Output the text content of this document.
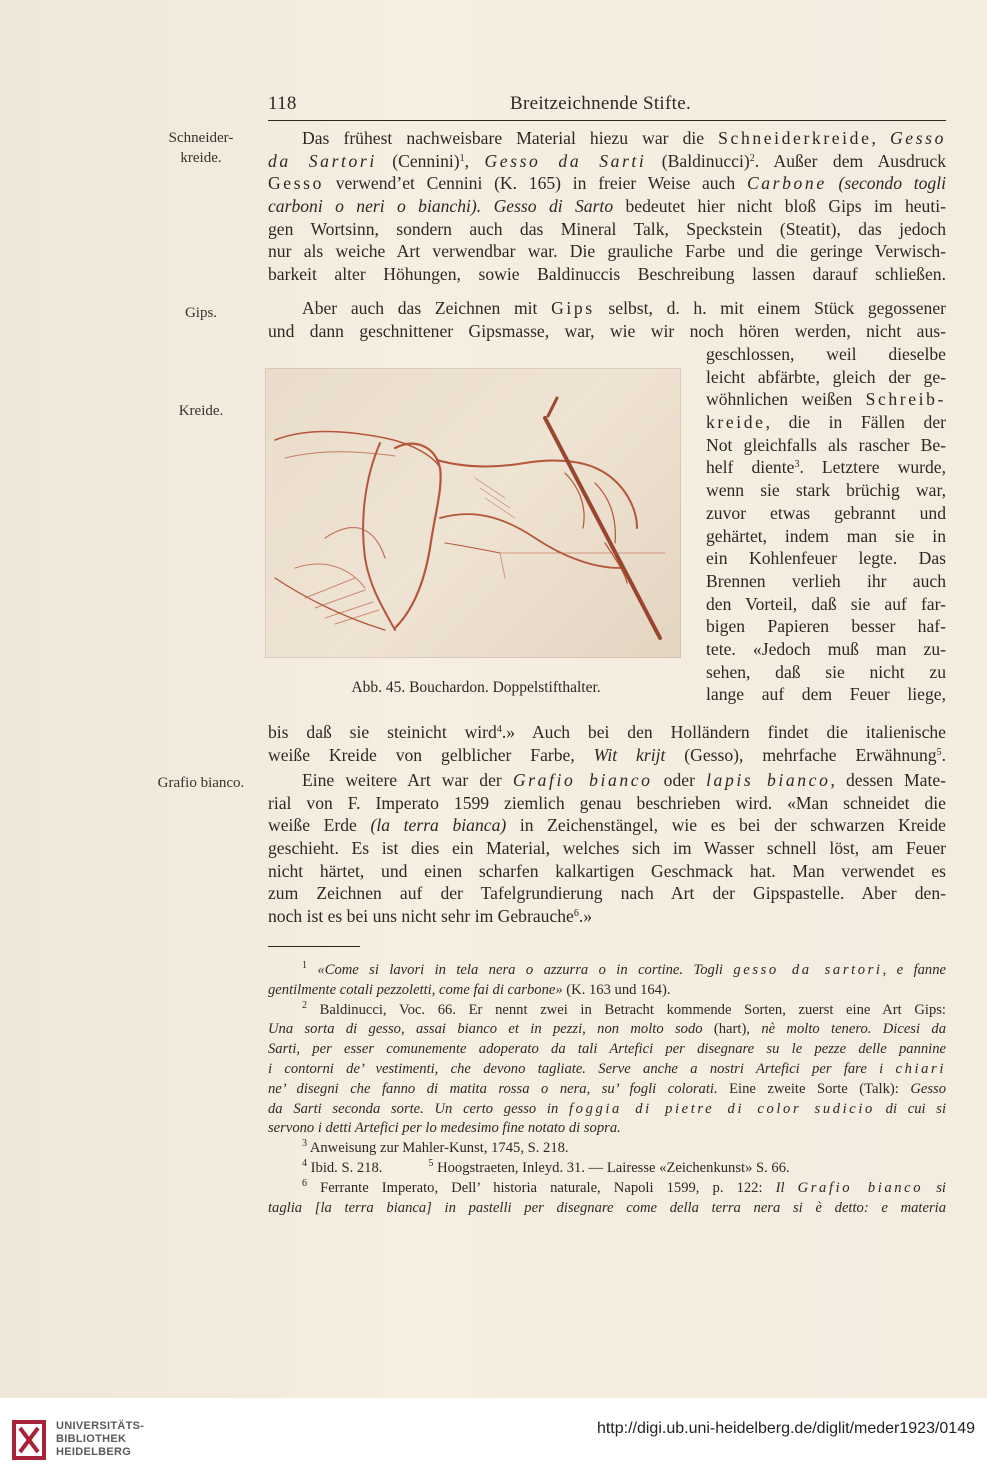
118	Breitzeichnende Stifte.
Schneider- kreide.
Gips.
Kreide.
Grafio bianco.
Das frühest nachweisbare Material hiezu war die Schneiderkreide, Gesso
da Sartori (Cennini)$^1$, Gesso da Sarti (Baldinucci)$^2$. Außer dem Ausdruck
Gesso verwend’et Cennini (K. 165) in freier Weise auch Carbone (secondo togli
carboni o neri o bianchi). Gesso di Sarto bedeutet hier nicht bloß Gips im heuti-
gen Wortsinn, sondern auch das Mineral Talk, Speckstein (Steatit), das jedoch
nur als weiche Art verwendbar war. Die grauliche Farbe und die geringe Verwisch-
barkeit alter Höhungen, sowie Baldinuccis Beschreibung lassen darauf schließen.
Aber auch das Zeichnen mit Gips selbst, d. h. mit einem Stück gegossener
und dann geschnittener Gipsmasse, war, wie wir noch hören werden, nicht aus-
Abb. 45. Bouchardon. Doppelstifthalter.
geschlossen, weil dieselbe
leicht abfärbte, gleich der ge-
wöhnlichen weißen Schreib-
kreide, die in Fällen der
Not gleichfalls als rascher Be-
helf diente$^3$. Letztere wurde,
wenn sie stark brüchig war,
zuvor etwas gebrannt und
gehärtet, indem man sie in
ein Kohlenfeuer legte. Das
Brennen verlieh ihr auch
den Vorteil, daß sie auf far-
bigen Papieren besser haf-
tete. «Jedoch muß man zu-
sehen, daß sie nicht zu
lange auf dem Feuer liege,
bis daß sie steinicht wird$^4$.» Auch bei den Holländern findet die italienische
weiße Kreide von gelblicher Farbe, Wit krijt (Gesso), mehrfache Erwähnung$^5$.
Eine weitere Art war der Grafio bianco oder lapis bianco, dessen Mate-
rial von F. Imperato 1599 ziemlich genau beschrieben wird. «Man schneidet die
weiße Erde (la terra bianca) in Zeichenstängel, wie es bei der schwarzen Kreide
geschieht. Es ist dies ein Material, welches sich im Wasser schnell löst, am Feuer
nicht härtet, und einen scharfen kalkartigen Geschmack hat. Man verwendet es
zum Zeichnen auf der Tafelgrundierung nach Art der Gipspastelle. Aber den-
noch ist es bei uns nicht sehr im Gebrauche$^6$.»
$^1$ «Come si lavori in tela nera o azzurra o in cortine. Togli gesso da sartori, e fanne
gentilmente cotali pezzoletti, come fai di carbone» (K. 163 und 164).
$^2$ Baldinucci, Voc. 66. Er nennt zwei in Betracht kommende Sorten, zuerst eine Art Gips:
Una sorta di gesso, assai bianco et in pezzi, non molto sodo (hart), nè molto tenero. Dicesi da
Sarti, per esser comunemente adoperato da tali Artefici per disegnare su le pezze delle pannine
i contorni de’ vestimenti, che devono tagliate. Serve anche a nostri Artefici per fare i chiari
ne’ disegni che fanno di matita rossa o nera, su’ fogli colorati. Eine zweite Sorte (Talk): Gesso
da Sarti seconda sorte. Un certo gesso in foggia di pietre di color sudicio di cui si
servono i detti Artefici per lo medesimo fine notato di sopra.
$^3$ Anweisung zur Mahler-Kunst, 1745, S. 218.
$^4$ Ibid. S. 218.	$^5$ Hoogstraeten, Inleyd. 31. — Lairesse «Zeichenkunst» S. 66.
$^6$ Ferrante Imperato, Dell’ historia naturale, Napoli 1599, p. 122: Il Grafio bianco si
taglia [la terra bianca] in pastelli per disegnare come della terra nera si è detto: e materia
UNIVERSITÄTS-
BIBLIOTHEK
HEIDELBERG
http://digi.ub.uni-heidelberg.de/diglit/meder1923/0149
